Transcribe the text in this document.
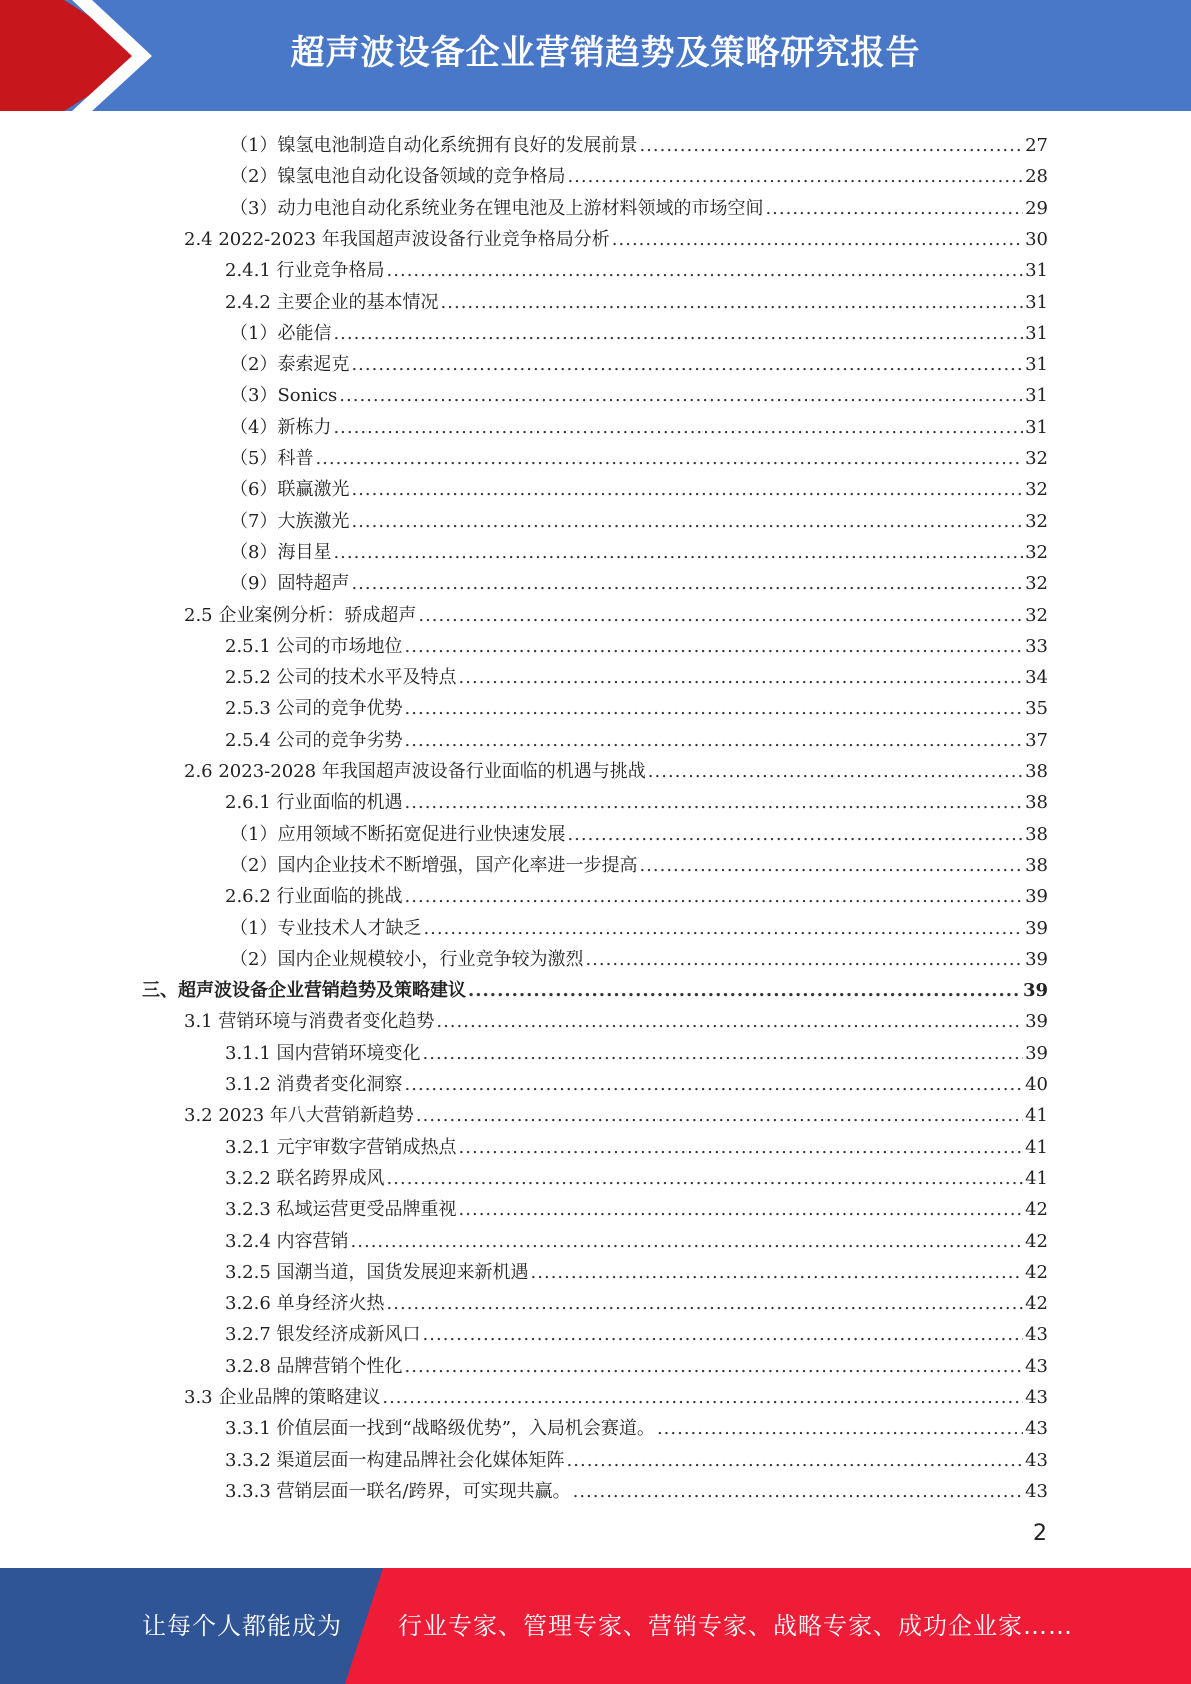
超声波设备企业营销趋势及策略研究报告
（1）镍氢电池制造自动化系统拥有良好的发展前景 .....	27
（2）镍氢电池自动化设备领域的竞争格局 .....	28
（3）动力电池自动化系统业务在锂电池及上游材料领域的市场空间 .....	29
2.4 2022-2023 年我国超声波设备行业竞争格局分析 .....	30
2.4.1 行业竞争格局 .....	31
2.4.2 主要企业的基本情况 .....	31
（1）必能信 .....	31
（2）泰索迡克 .....	31
（3）Sonics .....	31
（4）新栋力 .....	31
（5）科普 .....	32
（6）联赢激光 .....	32
（7）大族激光 .....	32
（8）海目星 .....	32
（9）固特超声 .....	32
2.5 企业案例分析：骄成超声 .....	32
2.5.1 公司的市场地位 .....	33
2.5.2 公司的技术水平及特点 .....	34
2.5.3 公司的竞争优势 .....	35
2.5.4 公司的竞争劣势 .....	37
2.6 2023-2028 年我国超声波设备行业面临的机遇与挑战 .....	38
2.6.1 行业面临的机遇 .....	38
（1）应用领域不断拓宽促进行业快速发展 .....	38
（2）国内企业技术不断增强，国产化率进一步提高 .....	38
2.6.2 行业面临的挑战 .....	39
（1）专业技术人才缺乏 .....	39
（2）国内企业规模较小，行业竞争较为激烈 .....	39
三、超声波设备企业营销趋势及策略建议 .....	39
3.1 营销环境与消费者变化趋势 .....	39
3.1.1 国内营销环境变化 .....	39
3.1.2 消费者变化洞察 .....	40
3.2 2023 年八大营销新趋势 .....	41
3.2.1 元宇审数字营销成热点 .....	41
3.2.2 联名跨界成风 .....	41
3.2.3 私域运营更受品牌重视 .....	42
3.2.4 内容营销 .....	42
3.2.5 国潮当道，国货发展迎来新机遇 .....	42
3.2.6 单身经济火热 .....	42
3.2.7 银发经济成新风口 .....	43
3.2.8 品牌营销个性化 .....	43
3.3 企业品牌的策略建议 .....	43
3.3.1 价值层面一找到“战略级优势”，入局机会赛道。 .....	43
3.3.2 渠道层面一构建品牌社会化媒体矩阵 .....	43
3.3.3 营销层面一联名/跨界，可实现共赢。 .....	43
2
让每个人都能成为 行业专家、管理专家、营销专家、战略专家、成功企业家……
